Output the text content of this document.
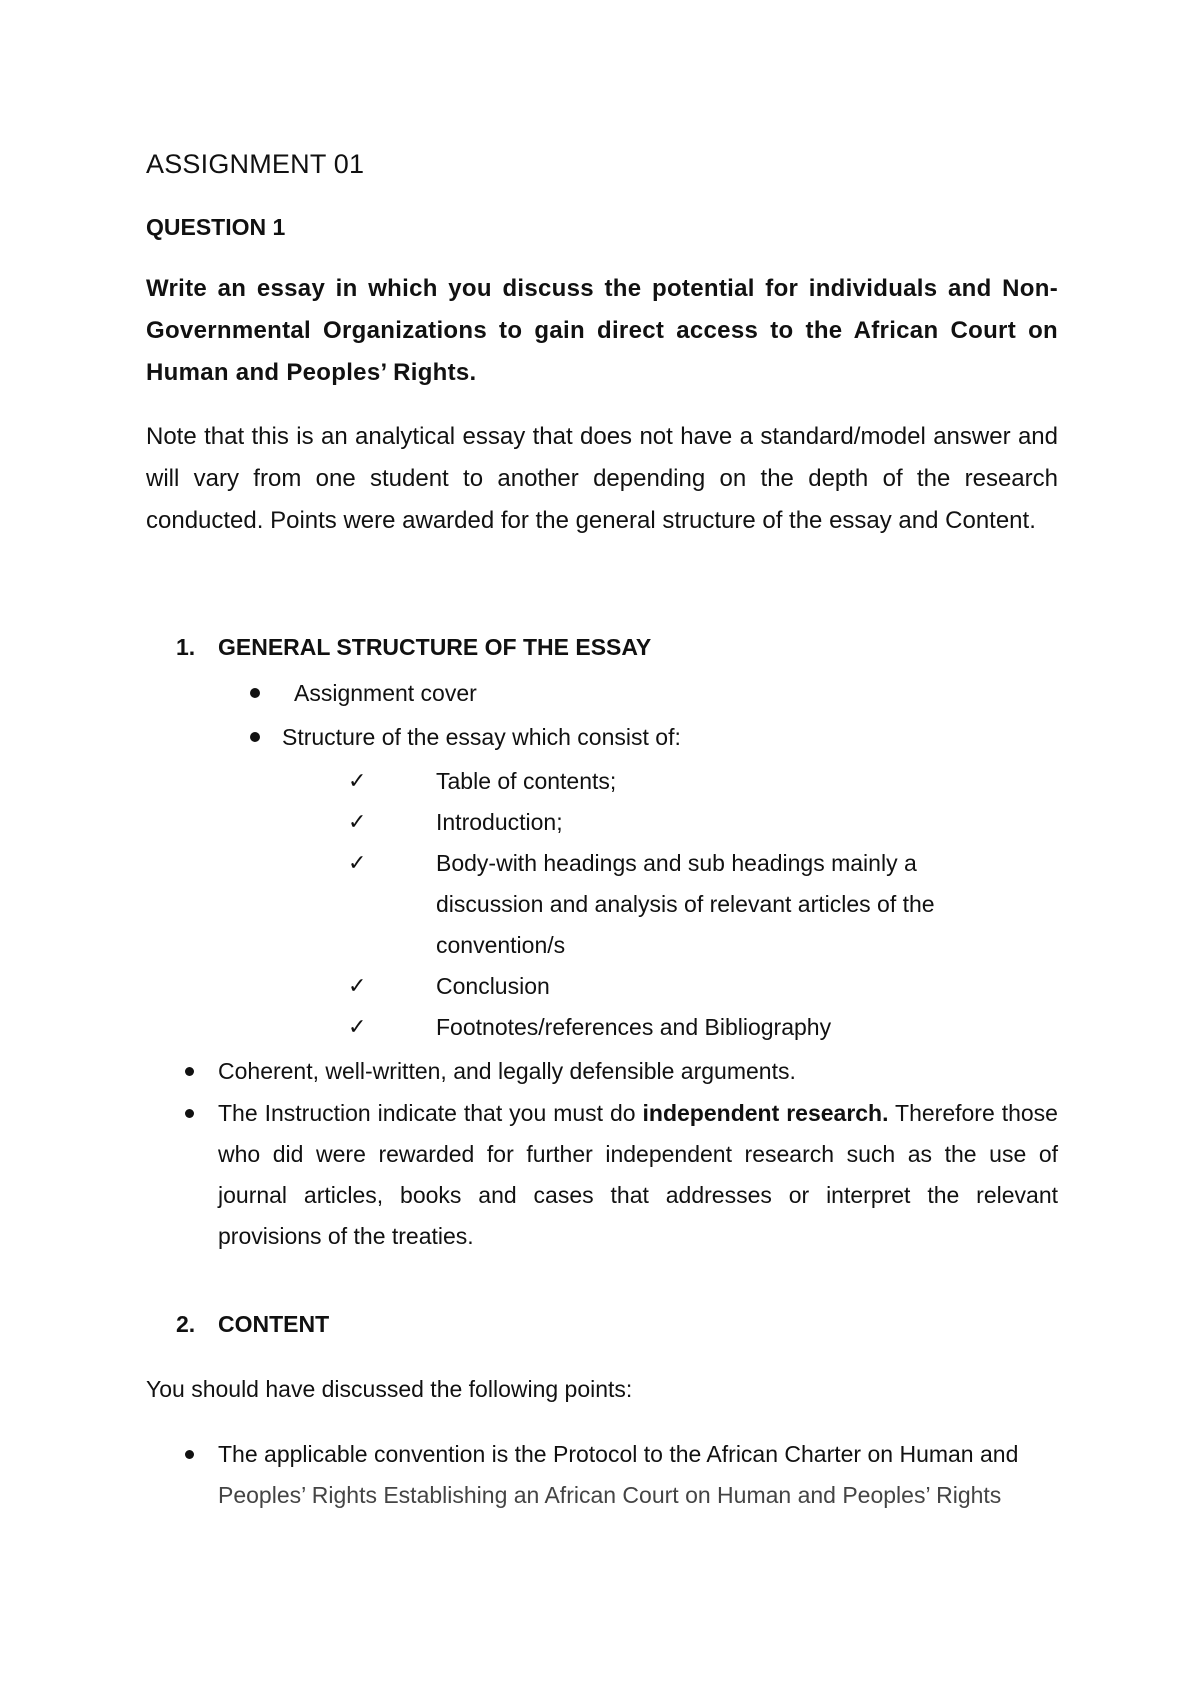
ASSIGNMENT 01
QUESTION 1
Write an essay in which you discuss the potential for individuals and Non-Governmental Organizations to gain direct access to the African Court on Human and Peoples’ Rights.
Note that this is an analytical essay that does not have a standard/model answer and will vary from one student to another depending on the depth of the research conducted. Points were awarded for the general structure of the essay and Content.
1. GENERAL STRUCTURE OF THE ESSAY
Assignment cover
Structure of the essay which consist of:
✓	Table of contents;
✓	Introduction;
✓	Body-with headings and sub headings mainly a discussion and analysis of relevant articles of the convention/s
✓	Conclusion
✓	Footnotes/references and Bibliography
Coherent, well-written, and legally defensible arguments.
The Instruction indicate that you must do independent research. Therefore those who did were rewarded for further independent research such as the use of journal articles, books and cases that addresses or interpret the relevant provisions of the treaties.
2. CONTENT
You should have discussed the following points:
The applicable convention is the Protocol to the African Charter on Human and
Peoples’ Rights Establishing an African Court on Human and Peoples’ Rights
